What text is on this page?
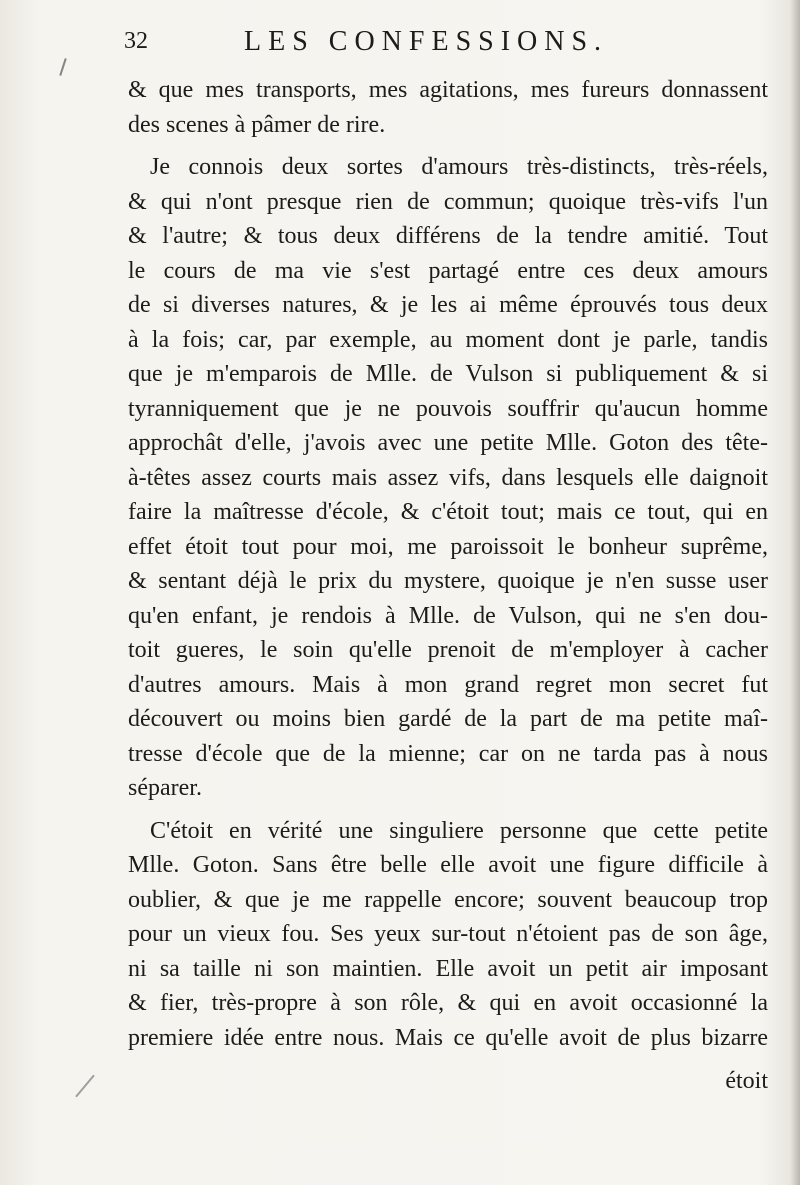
32	LES CONFESSIONS.
& que mes transports, mes agitations, mes fureurs donnassent
des scenes à pâmer de rire.
Je connois deux sortes d'amours très-distincts, très-réels,
& qui n'ont presque rien de commun; quoique très-vifs l'un
& l'autre; & tous deux différens de la tendre amitié. Tout
le cours de ma vie s'est partagé entre ces deux amours
de si diverses natures, & je les ai même éprouvés tous deux
à la fois; car, par exemple, au moment dont je parle, tandis
que je m'emparois de Mlle. de Vulson si publiquement & si
tyranniquement que je ne pouvois souffrir qu'aucun homme
approchât d'elle, j'avois avec une petite Mlle. Goton des tête-
à-têtes assez courts mais assez vifs, dans lesquels elle daignoit
faire la maîtresse d'école, & c'étoit tout; mais ce tout, qui en
effet étoit tout pour moi, me paroissoit le bonheur suprême,
& sentant déjà le prix du mystere, quoique je n'en susse user
qu'en enfant, je rendois à Mlle. de Vulson, qui ne s'en dou-
toit gueres, le soin qu'elle prenoit de m'employer à cacher
d'autres amours. Mais à mon grand regret mon secret fut
découvert ou moins bien gardé de la part de ma petite maî-
tresse d'école que de la mienne; car on ne tarda pas à nous
séparer.
C'étoit en vérité une singuliere personne que cette petite
Mlle. Goton. Sans être belle elle avoit une figure difficile à
oublier, & que je me rappelle encore; souvent beaucoup trop
pour un vieux fou. Ses yeux sur-tout n'étoient pas de son âge,
ni sa taille ni son maintien. Elle avoit un petit air imposant
& fier, très-propre à son rôle, & qui en avoit occasionné la
premiere idée entre nous. Mais ce qu'elle avoit de plus bizarre
étoit
